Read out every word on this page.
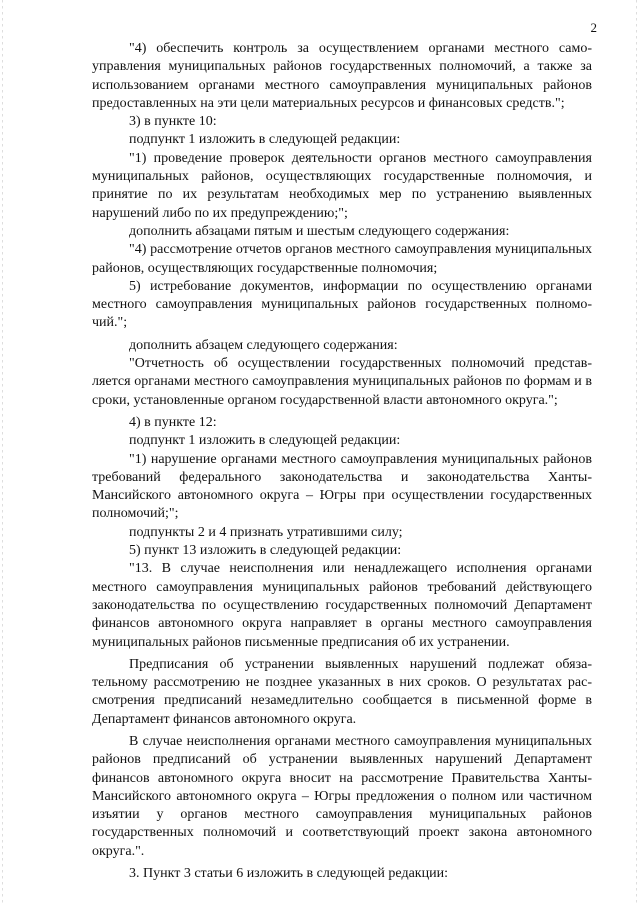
2

"4) обеспечить контроль за осуществлением органами местного самоуправления муниципальных районов государственных полномочий, а также за использованием органами местного самоуправления муниципальных районов предоставленных на эти цели материальных ресурсов и финансовых средств.";

3) в пункте 10:

подпункт 1 изложить в следующей редакции:

"1) проведение проверок деятельности органов местного самоуправления муниципальных районов, осуществляющих государственные полномочия, и принятие по их результатам необходимых мер по устранению выявленных нарушений либо по их предупреждению;";

дополнить абзацами пятым и шестым следующего содержания:

"4) рассмотрение отчетов органов местного самоуправления муниципальных районов, осуществляющих государственные полномочия;

5) истребование документов, информации по осуществлению органами местного самоуправления муниципальных районов государственных полномочий.";

дополнить абзацем следующего содержания:

"Отчетность об осуществлении государственных полномочий представляется органами местного самоуправления муниципальных районов по формам и в сроки, установленные органом государственной власти автономного округа.";

4) в пункте 12:

подпункт 1 изложить в следующей редакции:

"1) нарушение органами местного самоуправления муниципальных районов требований федерального законодательства и законодательства Ханты-Мансийского автономного округа – Югры при осуществлении государственных полномочий;";

подпункты 2 и 4 признать утратившими силу;

5) пункт 13 изложить в следующей редакции:

"13. В случае неисполнения или ненадлежащего исполнения органами местного самоуправления муниципальных районов требований действующего законодательства по осуществлению государственных полномочий Департамент финансов автономного округа направляет в органы местного самоуправления муниципальных районов письменные предписания об их устранении.

Предписания об устранении выявленных нарушений подлежат обязательному рассмотрению не позднее указанных в них сроков. О результатах рассмотрения предписаний незамедлительно сообщается в письменной форме в Департамент финансов автономного округа.

В случае неисполнения органами местного самоуправления муниципальных районов предписаний об устранении выявленных нарушений Департамент финансов автономного округа вносит на рассмотрение Правительства Ханты-Мансийского автономного округа – Югры предложения о полном или частичном изъятии у органов местного самоуправления муниципальных районов государственных полномочий и соответствующий проект закона автономного округа.".

3. Пункт 3 статьи 6 изложить в следующей редакции:
